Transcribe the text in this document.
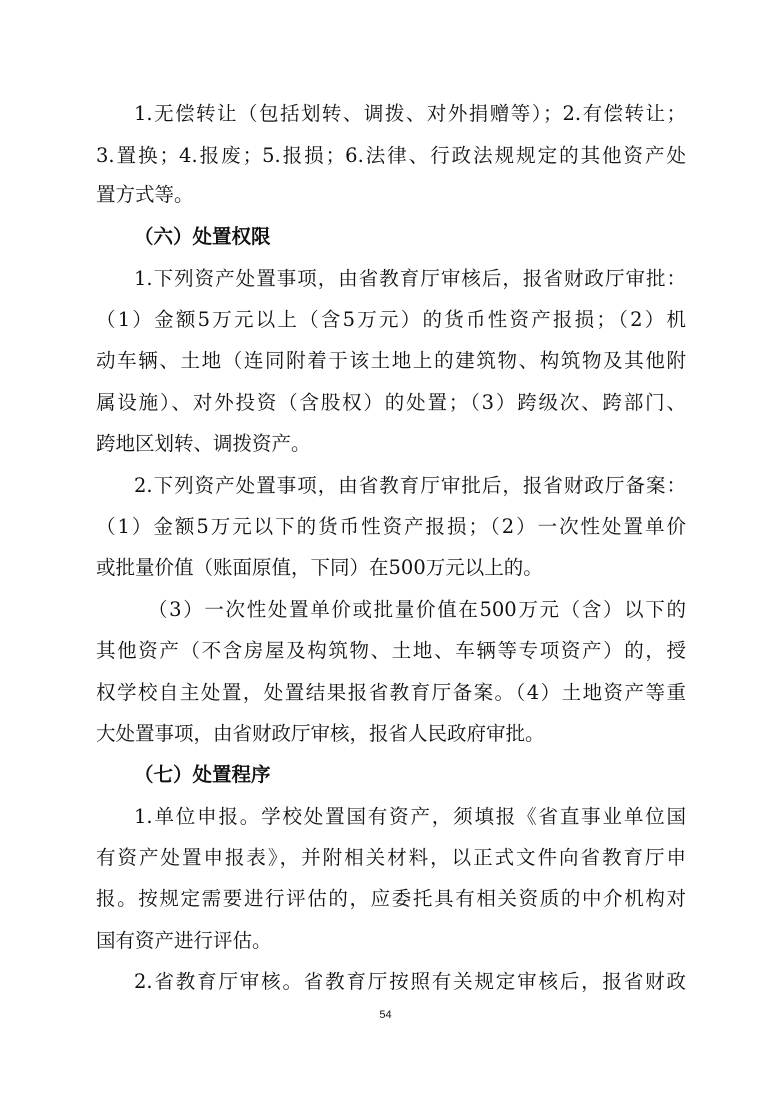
1.无偿转让（包括划转、调拨、对外捐赠等）；2.有偿转让；
3.置换；4.报废；5.报损；6.法律、行政法规规定的其他资产处
置方式等。
（六）处置权限
1.下列资产处置事项，由省教育厅审核后，报省财政厅审批：
（1）金额5万元以上（含5万元）的货币性资产报损；（2）机
动车辆、土地（连同附着于该土地上的建筑物、构筑物及其他附
属设施）、对外投资（含股权）的处置；（3）跨级次、跨部门、
跨地区划转、调拨资产。
2.下列资产处置事项，由省教育厅审批后，报省财政厅备案：
（1）金额5万元以下的货币性资产报损；（2）一次性处置单价
或批量价值（账面原值，下同）在500万元以上的。
（3）一次性处置单价或批量价值在500万元（含）以下的
其他资产（不含房屋及构筑物、土地、车辆等专项资产）的，授
权学校自主处置，处置结果报省教育厅备案。（4）土地资产等重
大处置事项，由省财政厅审核，报省人民政府审批。
（七）处置程序
1.单位申报。学校处置国有资产，须填报《省直事业单位国
有资产处置申报表》，并附相关材料，以正式文件向省教育厅申
报。按规定需要进行评估的，应委托具有相关资质的中介机构对
国有资产进行评估。
2.省教育厅审核。省教育厅按照有关规定审核后，报省财政
54
